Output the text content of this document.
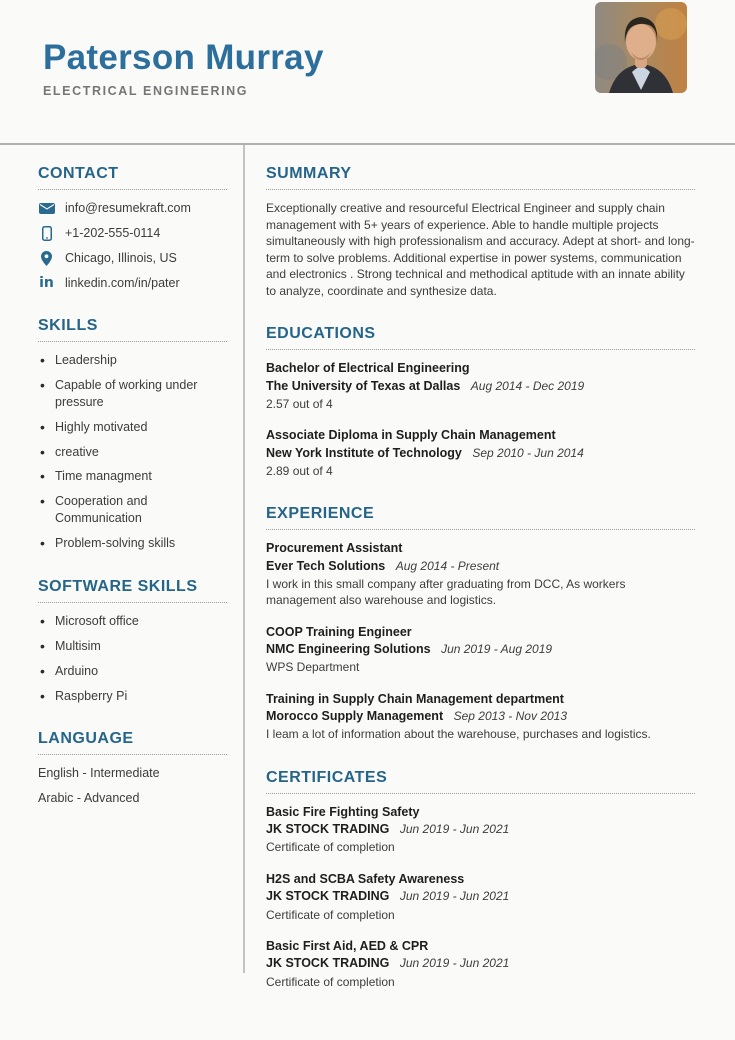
Paterson Murray
ELECTRICAL ENGINEERING
CONTACT
info@resumekraft.com
+1-202-555-0114
Chicago, Illinois, US
in linkedin.com/in/pater
SKILLS
• Leadership
• Capable of working under pressure
• Highly motivated
• creative
• Time managment
• Cooperation and Communication
• Problem-solving skills
SOFTWARE SKILLS
• Microsoft office
• Multisim
• Arduino
• Raspberry Pi
LANGUAGE
English - Intermediate
Arabic - Advanced
SUMMARY

Exceptionally creative and resourceful Electrical Engineer and supply chain management with 5+ years of experience. Able to handle multiple projects simultaneously with high professionalism and accuracy. Adept at short- and long-term to solve problems. Additional expertise in power systems, communication and electronics . Strong technical and methodical aptitude with an innate ability to analyze, coordinate and synthesize data.

EDUCATIONS
Bachelor of Electrical Engineering
The University of Texas at Dallas Aug 2014 - Dec 2019
2.57 out of 4
Associate Diploma in Supply Chain Management
New York Institute of Technology Sep 2010 - Jun 2014
2.89 out of 4
EXPERIENCE
Procurement Assistant
Ever Tech Solutions Aug 2014 - Present
I work in this small company after graduating from DCC, As workers management also warehouse and logistics.
COOP Training Engineer
NMC Engineering Solutions Jun 2019 - Aug 2019
WPS Department
Training in Supply Chain Management department
Morocco Supply Management Sep 2013 - Nov 2013
I leam a lot of information about the warehouse, purchases and logistics.
CERTIFICATES
Basic Fire Fighting Safety
JK STOCK TRADING Jun 2019 - Jun 2021
Certificate of completion
H2S and SCBA Safety Awareness
JK STOCK TRADING Jun 2019 - Jun 2021
Certificate of completion
Basic First Aid, AED & CPR
JK STOCK TRADING Jun 2019 - Jun 2021
Certificate of completion
